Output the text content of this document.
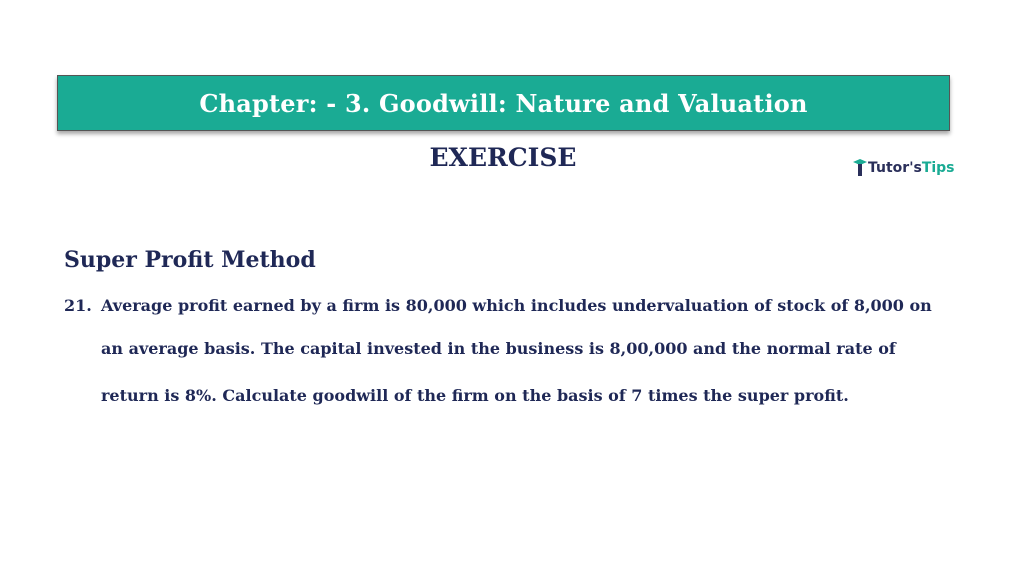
Chapter: - 3. Goodwill: Nature and Valuation
EXERCISE	Tutor's Tips
Super Profit Method
21. Average profit earned by a firm is 80,000 which includes undervaluation of stock of 8,000 on
an average basis. The capital invested in the business is 8,00,000 and the normal rate of
return is 8%. Calculate goodwill of the firm on the basis of 7 times the super profit.
